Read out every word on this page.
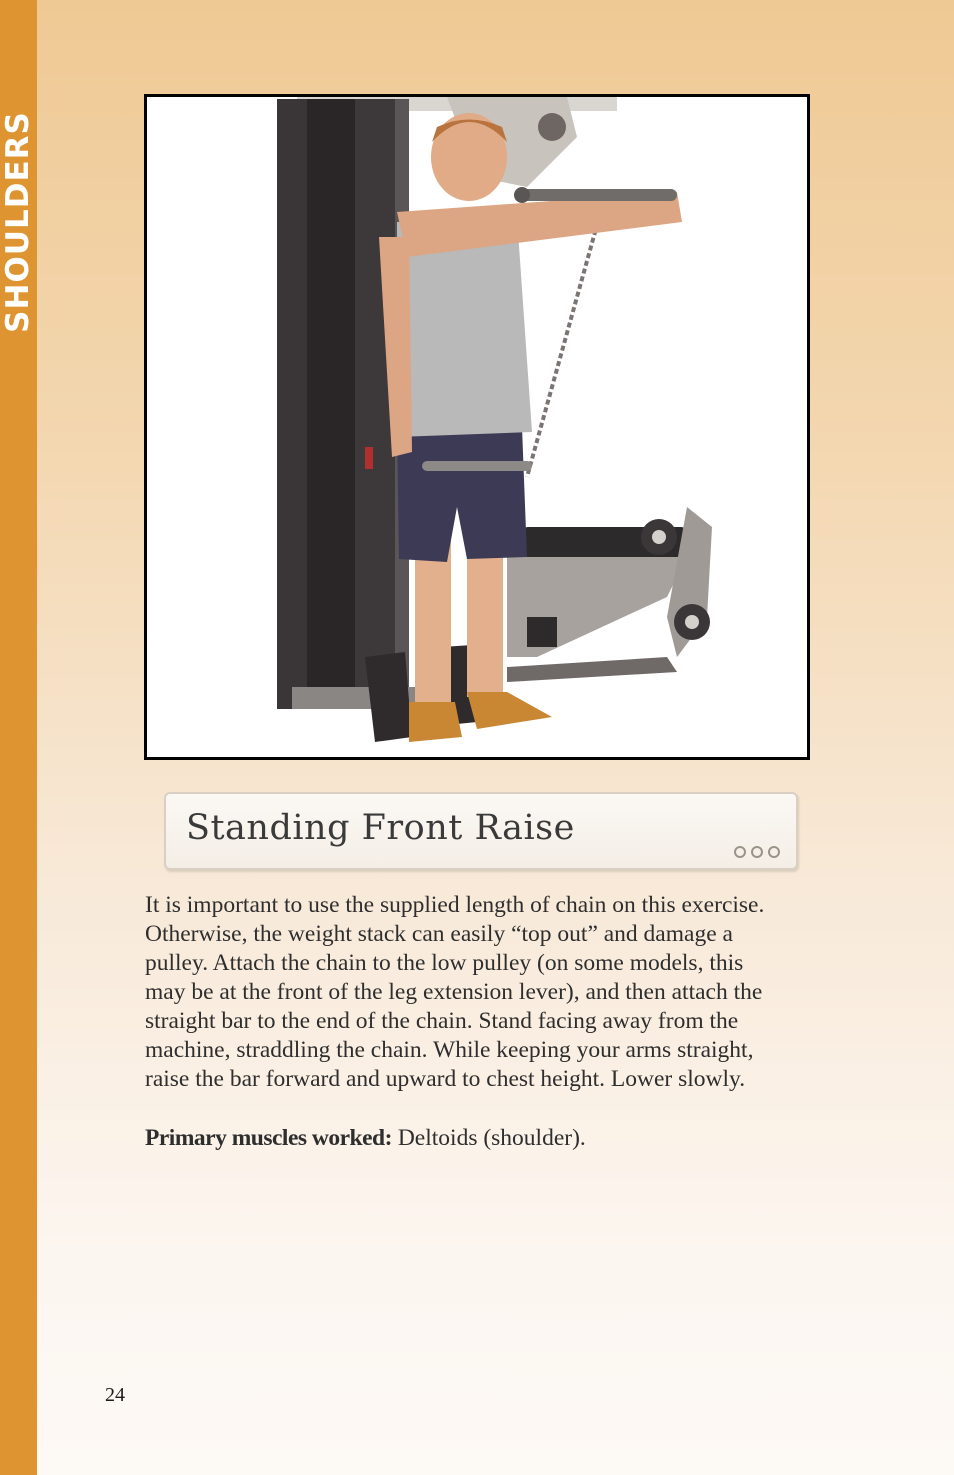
SHOULDERS
Standing Front Raise
It is important to use the supplied length of chain on this exercise.
Otherwise, the weight stack can easily “top out” and damage a
pulley. Attach the chain to the low pulley (on some models, this
may be at the front of the leg extension lever), and then attach the
straight bar to the end of the chain. Stand facing away from the
machine, straddling the chain. While keeping your arms straight,
raise the bar forward and upward to chest height. Lower slowly.
Primary muscles worked: Deltoids (shoulder).
24
